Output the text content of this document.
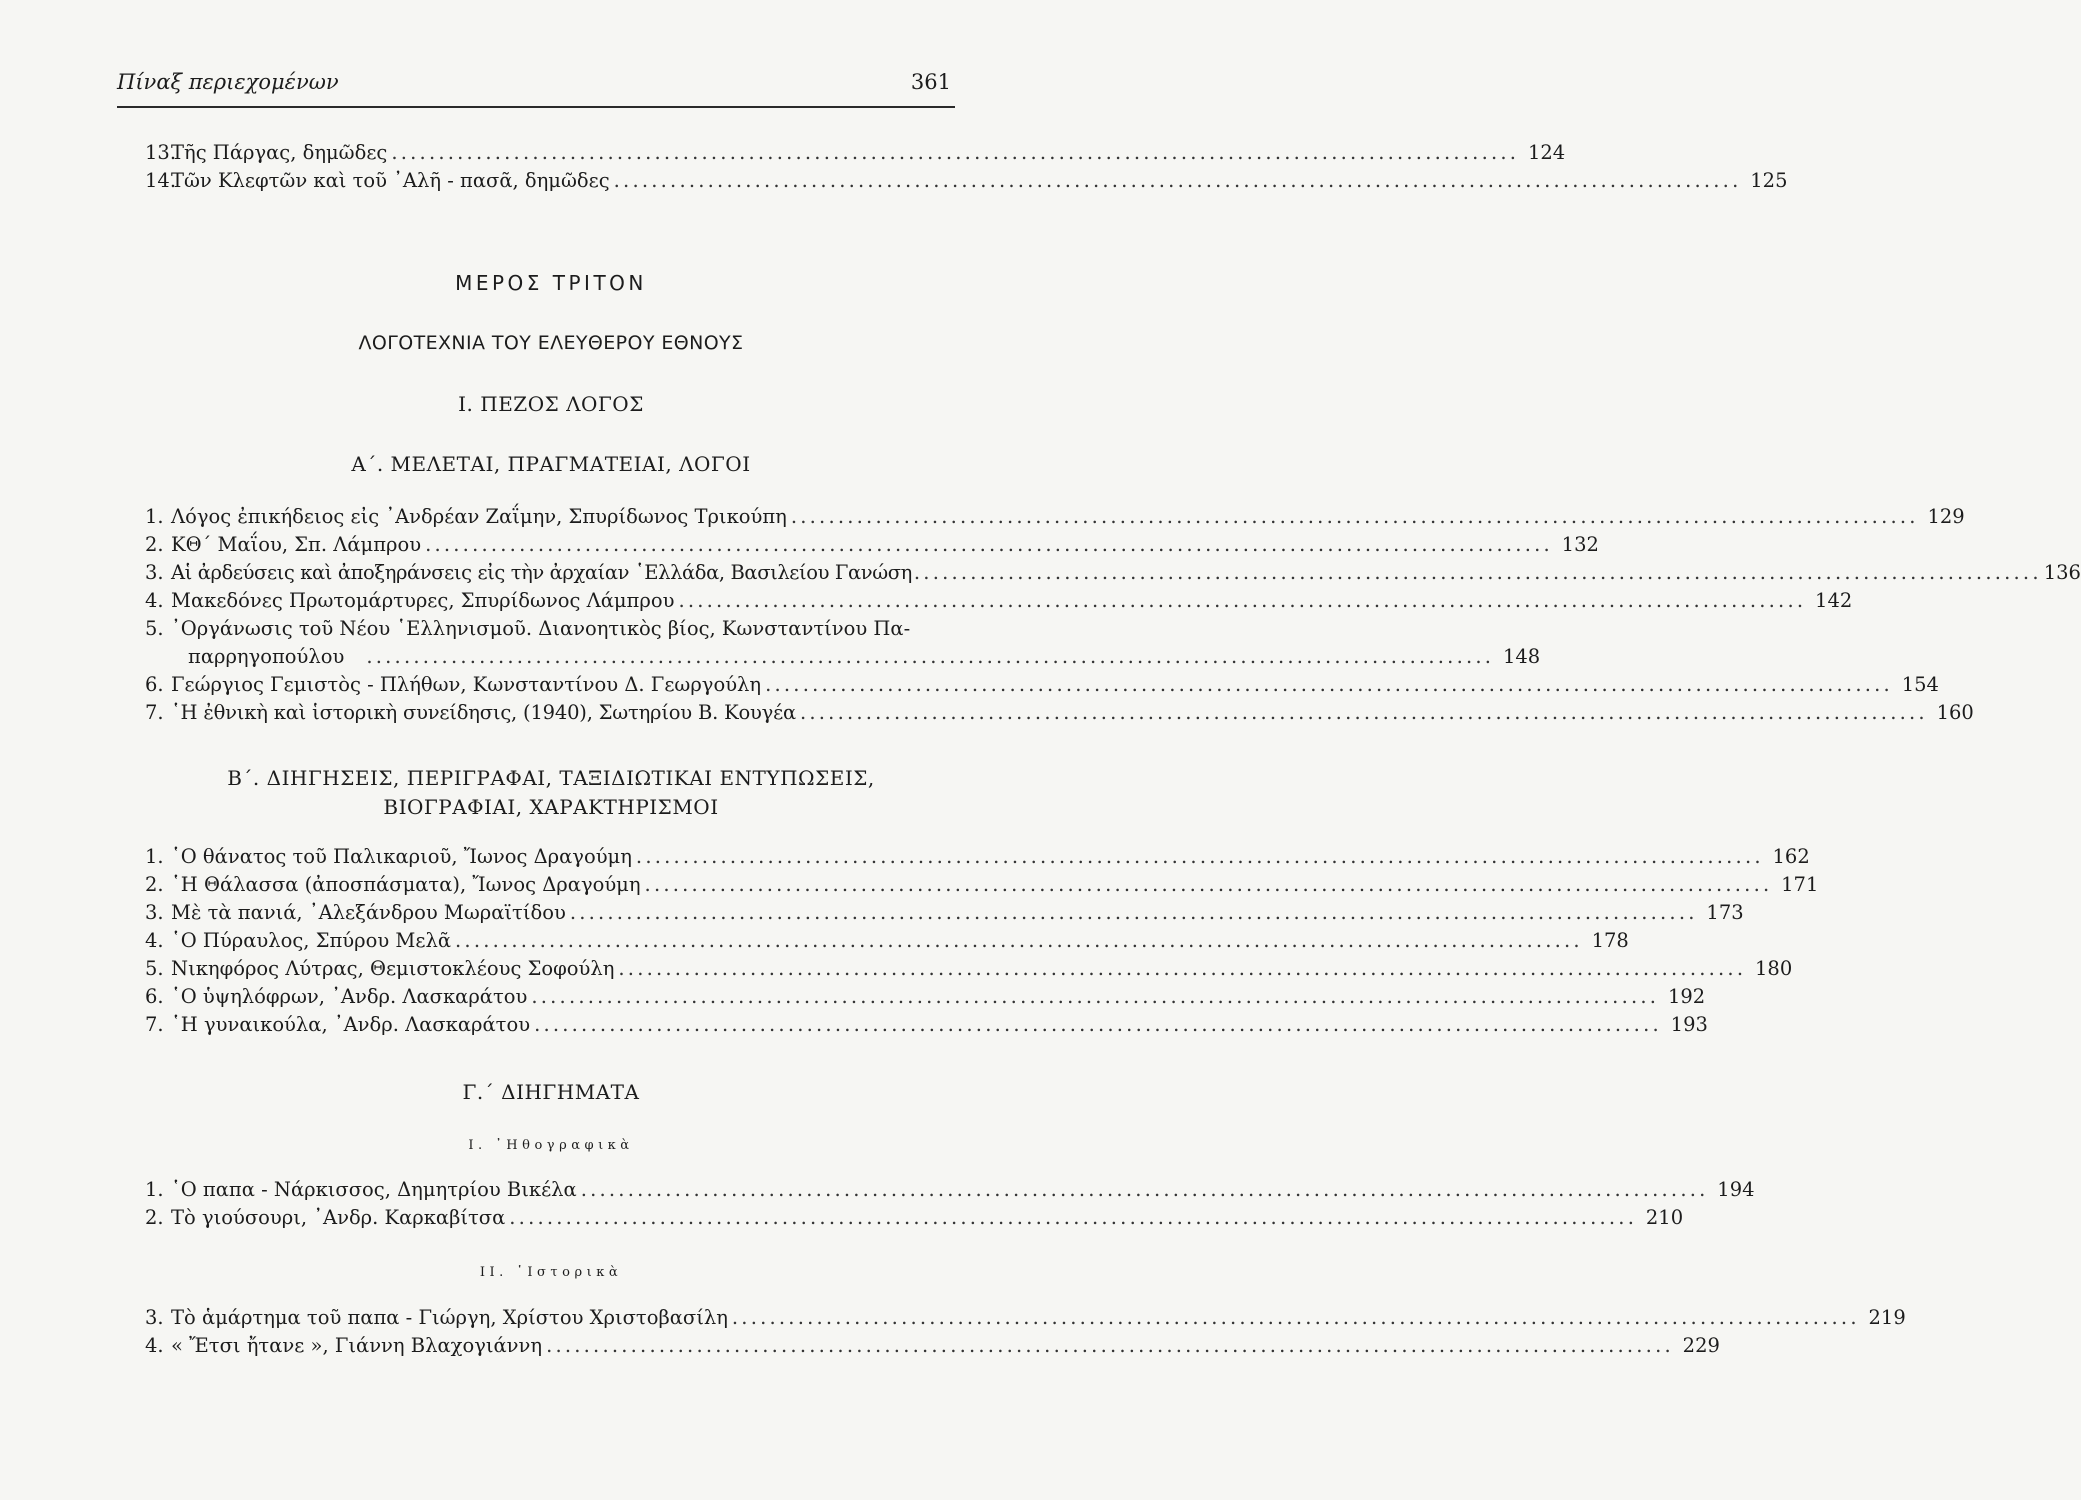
Πίναξ περιεχομένων	361
13.
Τῆς Πάργας, δημῶδες ........................................................................................................................ 124
14.
Τῶν Κλεφτῶν καὶ τοῦ ᾿Αλῆ - πασᾶ, δημῶδες ........................................................................................................................ 125
ΜΕΡΟΣ ΤΡΙΤΟΝ
ΛΟΓΟΤΕΧΝΙΑ ΤΟΥ ΕΛΕΥΘΕΡΟΥ ΕΘΝΟΥΣ
Ι. ΠΕΖΟΣ ΛΟΓΟΣ
Α΄. ΜΕΛΕΤΑΙ, ΠΡΑΓΜΑΤΕΙΑΙ, ΛΟΓΟΙ
1. Λόγος ἐπικήδειος εἰς ᾿Ανδρέαν Ζαΐμην, Σπυρίδωνος Τρικούπη ........................................................................................................................ 129
2. ΚΘ΄ Μαΐου, Σπ. Λάμπρου ........................................................................................................................ 132
3. Αἱ ἀρδεύσεις καὶ ἀποξηράνσεις εἰς τὴν ἀρχαίαν ῾Ελλάδα, Βασιλείου Γανώση ........................................................................................................................ 136
4. Μακεδόνες Πρωτομάρτυρες, Σπυρίδωνος Λάμπρου ........................................................................................................................ 142
5. ᾿Οργάνωσις τοῦ Νέου ῾Ελληνισμοῦ. Διανοητικὸς βίος, Κωνσταντίνου Πα-
παρρηγοπούλου ........................................................................................................................ 148
6. Γεώργιος Γεμιστὸς - Πλήθων, Κωνσταντίνου Δ. Γεωργούλη ........................................................................................................................ 154
7. ῾Η ἐθνικὴ καὶ ἱστορικὴ συνείδησις, (1940), Σωτηρίου Β. Κουγέα ........................................................................................................................ 160
Β΄. ΔΙΗΓΗΣΕΙΣ, ΠΕΡΙΓΡΑΦΑΙ, ΤΑΞΙΔΙΩΤΙΚΑΙ ΕΝΤΥΠΩΣΕΙΣ,
ΒΙΟΓΡΑΦΙΑΙ, ΧΑΡΑΚΤΗΡΙΣΜΟΙ
1. ῾Ο θάνατος τοῦ Παλικαριοῦ, Ἴωνος Δραγούμη ........................................................................................................................ 162
2. ῾Η Θάλασσα (ἀποσπάσματα), Ἴωνος Δραγούμη ........................................................................................................................ 171
3. Μὲ τὰ πανιά, ᾿Αλεξάνδρου Μωραϊτίδου ........................................................................................................................ 173
4. ῾Ο Πύραυλος, Σπύρου Μελᾶ ........................................................................................................................ 178
5. Νικηφόρος Λύτρας, Θεμιστοκλέους Σοφούλη ........................................................................................................................ 180
6. ῾Ο ὑψηλόφρων, ᾿Ανδρ. Λασκαράτου ........................................................................................................................ 192
7. ῾Η γυναικούλα, ᾿Ανδρ. Λασκαράτου ........................................................................................................................ 193
Γ.΄ ΔΙΗΓΗΜΑΤΑ
Ι. ᾿Ηθογραφικὰ
1. ῾Ο παπα - Νάρκισσος, Δημητρίου Βικέλα ........................................................................................................................ 194
2. Τὸ γιούσουρι, ᾿Ανδρ. Καρκαβίτσα ........................................................................................................................ 210
ΙΙ. ῾Ιστορικὰ
3. Τὸ ἁμάρτημα τοῦ παπα - Γιώργη, Χρίστου Χριστοβασίλη ........................................................................................................................ 219
4. « Ἔτσι ἤτανε », Γιάννη Βλαχογιάννη ........................................................................................................................ 229
